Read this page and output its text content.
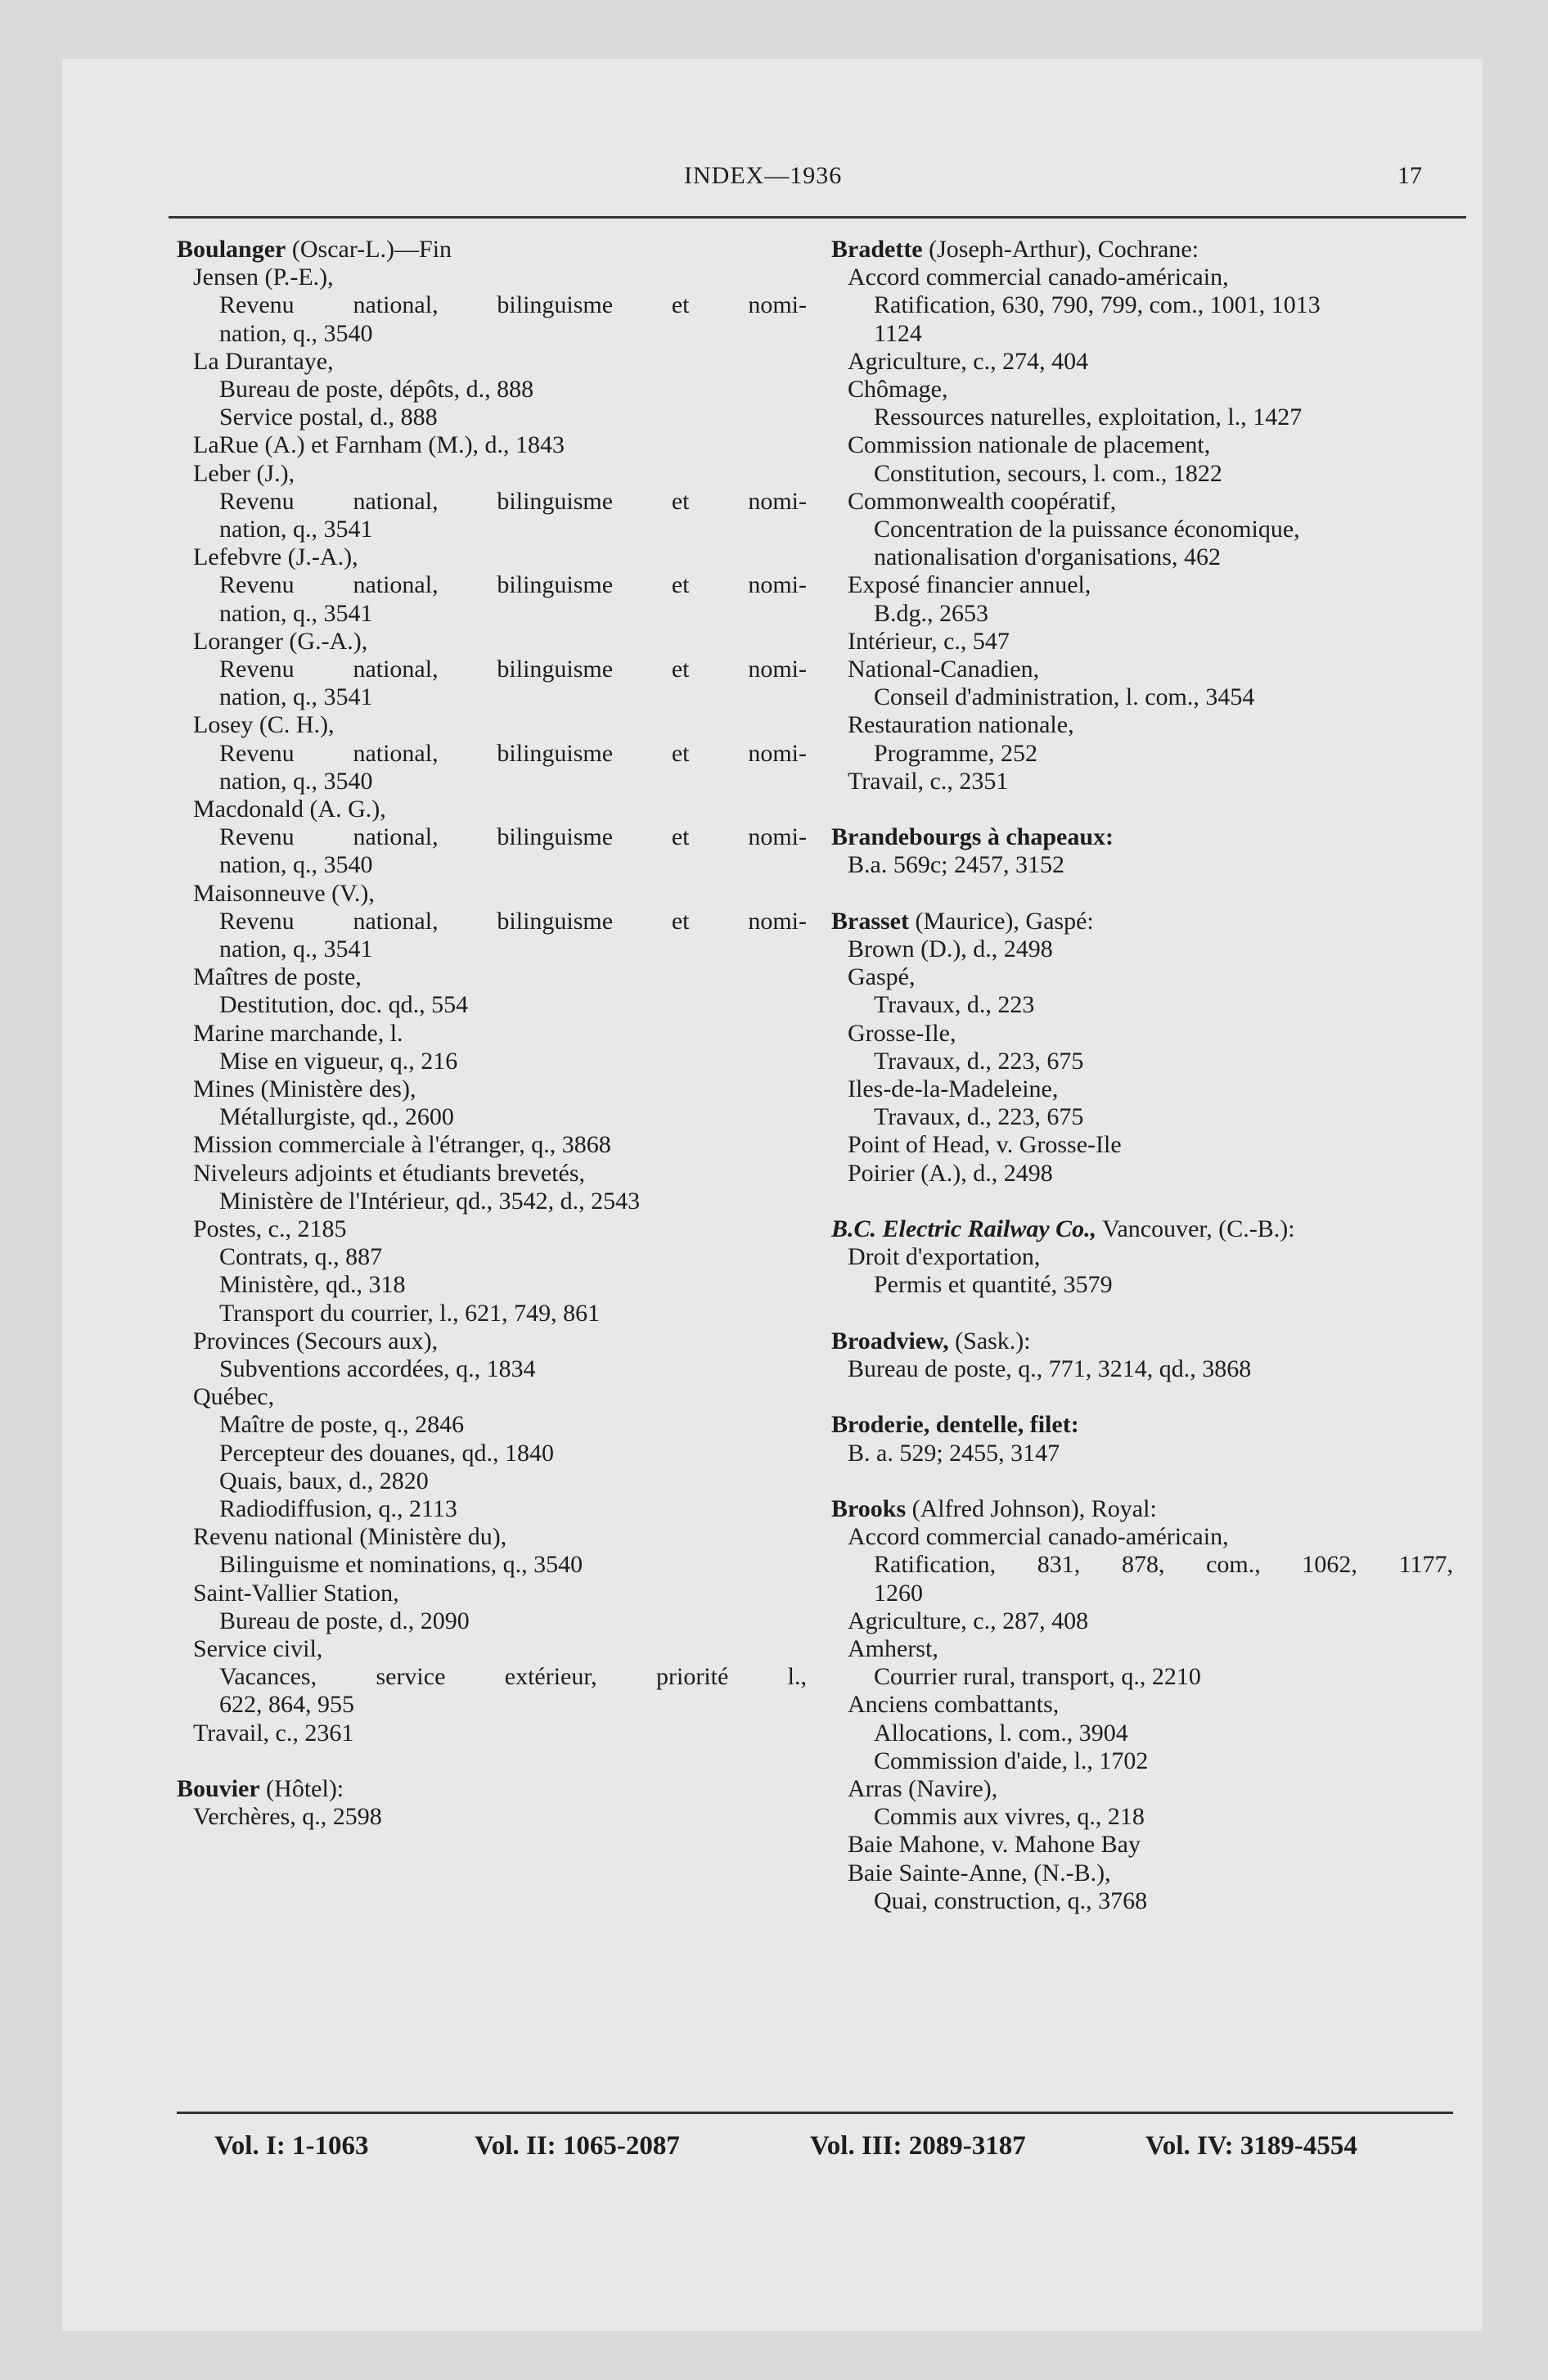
INDEX—1936	17
Boulanger (Oscar-L.)—Fin
Jensen (P.-E.),
Revenu national, bilinguisme et nomi-
nation, q., 3540
La Durantaye,
Bureau de poste, dépôts, d., 888
Service postal, d., 888
LaRue (A.) et Farnham (M.), d., 1843
Leber (J.),
Revenu national, bilinguisme et nomi-
nation, q., 3541
Lefebvre (J.-A.),
Revenu national, bilinguisme et nomi-
nation, q., 3541
Loranger (G.-A.),
Revenu national, bilinguisme et nomi-
nation, q., 3541
Losey (C. H.),
Revenu national, bilinguisme et nomi-
nation, q., 3540
Macdonald (A. G.),
Revenu national, bilinguisme et nomi-
nation, q., 3540
Maisonneuve (V.),
Revenu national, bilinguisme et nomi-
nation, q., 3541
Maîtres de poste,
Destitution, doc. qd., 554
Marine marchande, l.
Mise en vigueur, q., 216
Mines (Ministère des),
Métallurgiste, qd., 2600
Mission commerciale à l'étranger, q., 3868
Niveleurs adjoints et étudiants brevetés,
Ministère de l'Intérieur, qd., 3542, d., 2543
Postes, c., 2185
Contrats, q., 887
Ministère, qd., 318
Transport du courrier, l., 621, 749, 861
Provinces (Secours aux),
Subventions accordées, q., 1834
Québec,
Maître de poste, q., 2846
Percepteur des douanes, qd., 1840
Quais, baux, d., 2820
Radiodiffusion, q., 2113
Revenu national (Ministère du),
Bilinguisme et nominations, q., 3540
Saint-Vallier Station,
Bureau de poste, d., 2090
Service civil,
Vacances, service extérieur, priorité l.,
622, 864, 955
Travail, c., 2361
Bouvier (Hôtel):
Verchères, q., 2598
Bradette (Joseph-Arthur), Cochrane:
Accord commercial canado-américain,
Ratification, 630, 790, 799, com., 1001, 1013
1124
Agriculture, c., 274, 404
Chômage,
Ressources naturelles, exploitation, l., 1427
Commission nationale de placement,
Constitution, secours, l. com., 1822
Commonwealth coopératif,
Concentration de la puissance économique,
nationalisation d'organisations, 462
Exposé financier annuel,
B.dg., 2653
Intérieur, c., 547
National-Canadien,
Conseil d'administration, l. com., 3454
Restauration nationale,
Programme, 252
Travail, c., 2351
Brandebourgs à chapeaux:
B.a. 569c; 2457, 3152
Brasset (Maurice), Gaspé:
Brown (D.), d., 2498
Gaspé,
Travaux, d., 223
Grosse-Ile,
Travaux, d., 223, 675
Iles-de-la-Madeleine,
Travaux, d., 223, 675
Point of Head, v. Grosse-Ile
Poirier (A.), d., 2498
B.C. Electric Railway Co., Vancouver, (C.-B.):
Droit d'exportation,
Permis et quantité, 3579
Broadview, (Sask.):
Bureau de poste, q., 771, 3214, qd., 3868
Broderie, dentelle, filet:
B. a. 529; 2455, 3147
Brooks (Alfred Johnson), Royal:
Accord commercial canado-américain,
Ratification, 831, 878, com., 1062, 1177,
1260
Agriculture, c., 287, 408
Amherst,
Courrier rural, transport, q., 2210
Anciens combattants,
Allocations, l. com., 3904
Commission d'aide, l., 1702
Arras (Navire),
Commis aux vivres, q., 218
Baie Mahone, v. Mahone Bay
Baie Sainte-Anne, (N.-B.),
Quai, construction, q., 3768
Vol. I: 1-1063	Vol. II: 1065-2087	Vol. III: 2089-3187	Vol. IV: 3189-4554
